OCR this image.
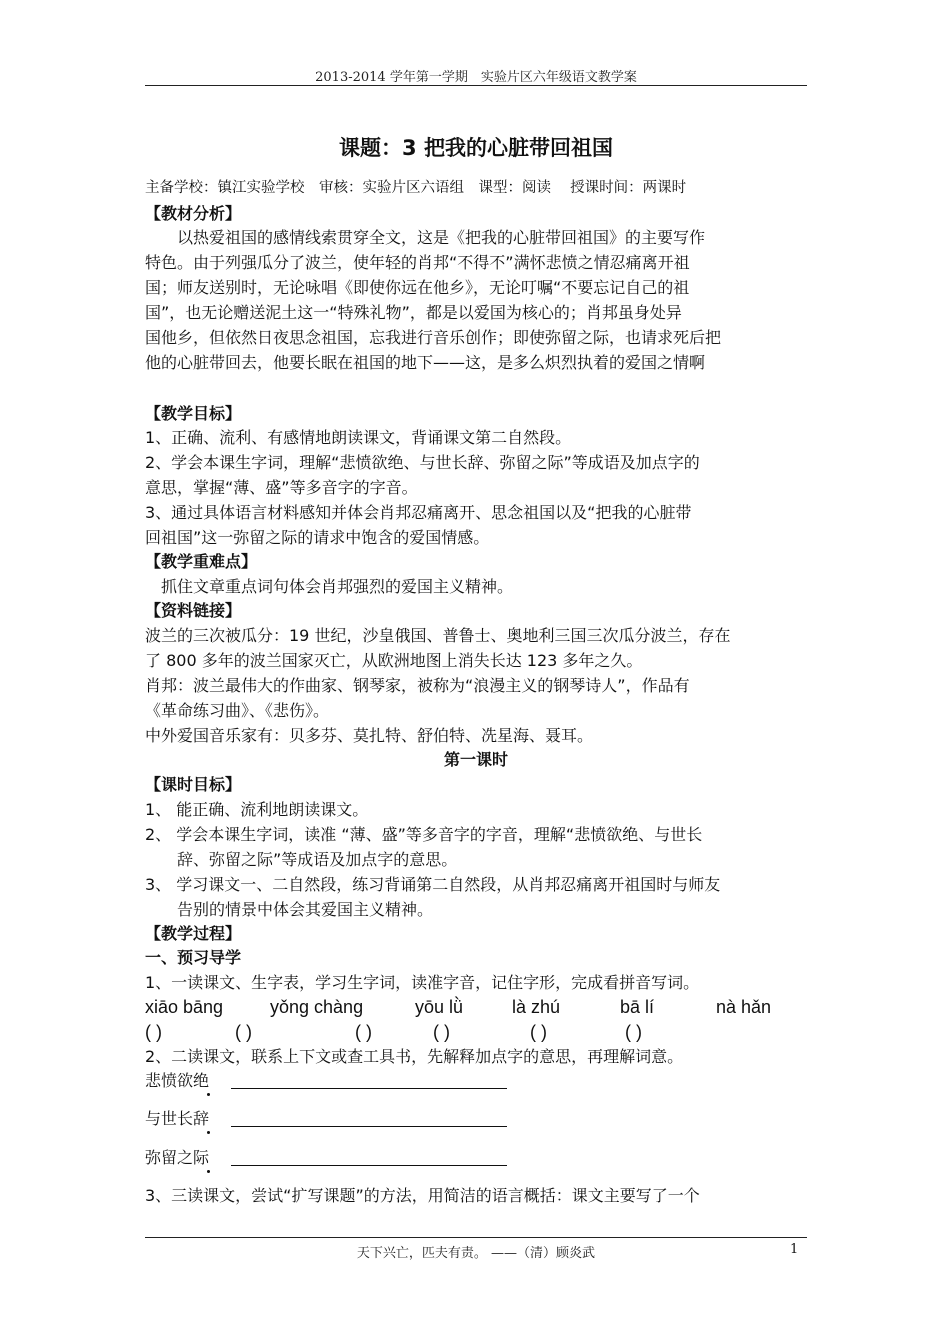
2013-2014 学年第一学期　实验片区六年级语文教学案
课题：3 把我的心脏带回祖国
主备学校：镇江实验学校　审核：实验片区六语组　课型：阅读　 授课时间：两课时
【教材分析】
　　以热爱祖国的感情线索贯穿全文，这是《把我的心脏带回祖国》的主要写作
特色。由于列强瓜分了波兰，使年轻的肖邦“不得不”满怀悲愤之情忍痛离开祖
国；师友送别时，无论咏唱《即使你远在他乡》，无论叮嘱“不要忘记自己的祖
国”，也无论赠送泥土这一“特殊礼物”，都是以爱国为核心的；肖邦虽身处异
国他乡，但依然日夜思念祖国，忘我进行音乐创作；即使弥留之际，也请求死后把
他的心脏带回去，他要长眠在祖国的地下——这，是多么炽烈执着的爱国之情啊
【教学目标】
1、正确、流利、有感情地朗读课文，背诵课文第二自然段。
2、学会本课生字词，理解“悲愤欲绝、与世长辞、弥留之际”等成语及加点字的
意思，掌握“薄、盛”等多音字的字音。
3、通过具体语言材料感知并体会肖邦忍痛离开、思念祖国以及“把我的心脏带
回祖国”这一弥留之际的请求中饱含的爱国情感。
【教学重难点】
　抓住文章重点词句体会肖邦强烈的爱国主义精神。
【资料链接】
波兰的三次被瓜分：19 世纪，沙皇俄国、普鲁士、奥地利三国三次瓜分波兰，存在
了 800 多年的波兰国家灭亡，从欧洲地图上消失长达 123 多年之久。
肖邦：波兰最伟大的作曲家、钢琴家，被称为“浪漫主义的钢琴诗人”，作品有
《革命练习曲》、《悲伤》。
中外爱国音乐家有：贝多芬、莫扎特、舒伯特、冼星海、聂耳。
第一课时
【课时目标】
1、 能正确、流利地朗读课文。
2、 学会本课生字词，读准 “薄、盛”等多音字的字音，理解“悲愤欲绝、与世长
　　辞、弥留之际”等成语及加点字的意思。
3、 学习课文一、二自然段，练习背诵第二自然段，从肖邦忍痛离开祖国时与师友
　　告别的情景中体会其爱国主义精神。
【教学过程】
一、预习导学
1、一读课文、生字表，学习生字词，读准字音，记住字形，完成看拼音写词。
xiāo bāng	yǒng chàng	yōu lǜ	là zhú	bā lí	nà hǎn
( )	( )	( )	( )	( )	( )
2、二读课文，联系上下文或查工具书，先解释加点字的意思，再理解词意。
悲愤欲绝
与世长辞
弥留之际
3、三读课文，尝试“扩写课题”的方法，用简洁的语言概括：课文主要写了一个
天下兴亡，匹夫有责。 ——（清）顾炎武	1
